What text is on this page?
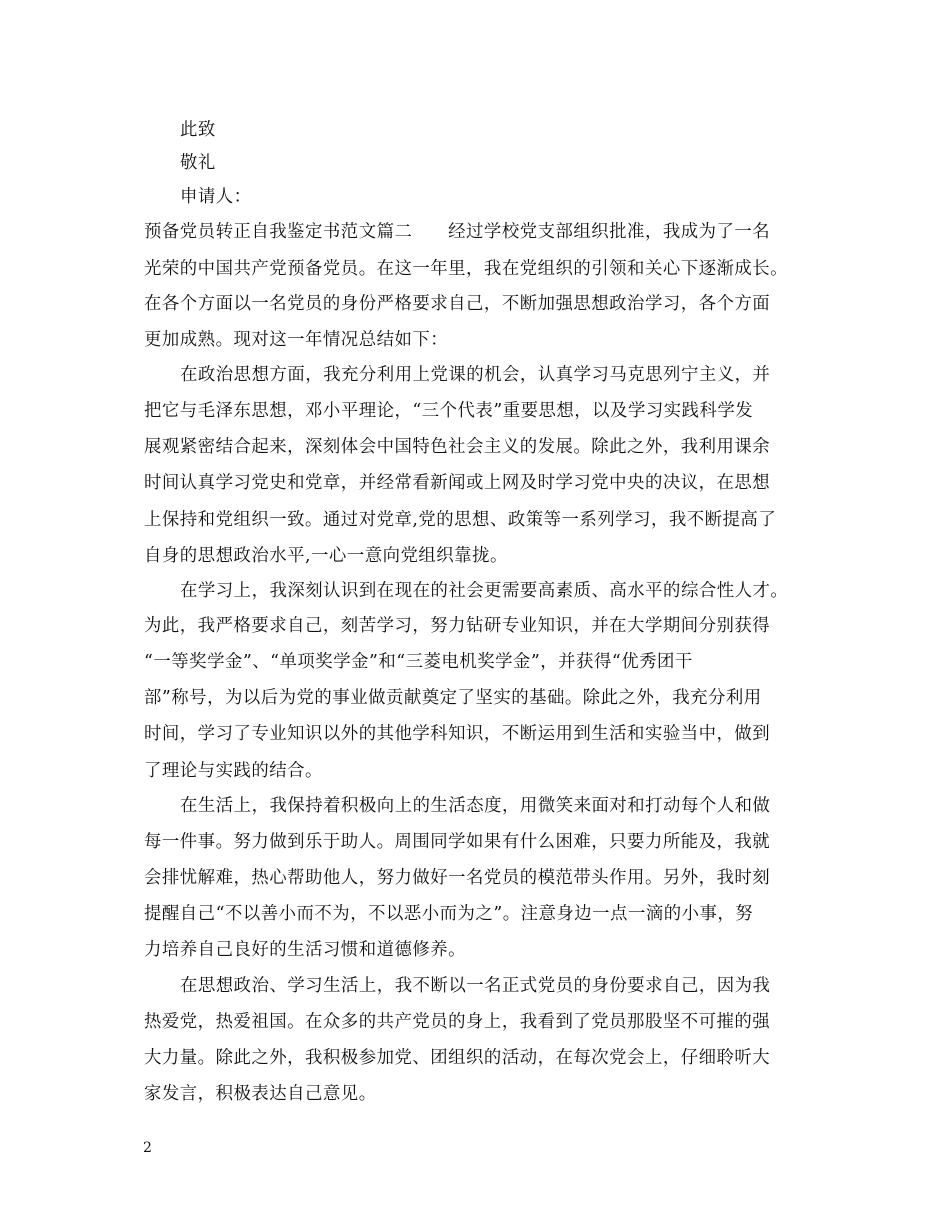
此致
敬礼
申请人：
预备党员转正自我鉴定书范文篇二　　经过学校党支部组织批准，我成为了一名
光荣的中国共产党预备党员。在这一年里，我在党组织的引领和关心下逐渐成长。
在各个方面以一名党员的身份严格要求自己，不断加强思想政治学习，各个方面
更加成熟。现对这一年情况总结如下：
在政治思想方面，我充分利用上党课的机会，认真学习马克思列宁主义，并
把它与毛泽东思想，邓小平理论，“三个代表”重要思想，以及学习实践科学发
展观紧密结合起来，深刻体会中国特色社会主义的发展。除此之外，我利用课余
时间认真学习党史和党章，并经常看新闻或上网及时学习党中央的决议，在思想
上保持和党组织一致。通过对党章,党的思想、政策等一系列学习，我不断提高了
自身的思想政治水平,一心一意向党组织靠拢。
在学习上，我深刻认识到在现在的社会更需要高素质、高水平的综合性人才。
为此，我严格要求自己，刻苦学习，努力钻研专业知识，并在大学期间分别获得
“一等奖学金”、“单项奖学金”和“三菱电机奖学金”，并获得“优秀团干
部”称号，为以后为党的事业做贡献奠定了坚实的基础。除此之外，我充分利用
时间，学习了专业知识以外的其他学科知识，不断运用到生活和实验当中，做到
了理论与实践的结合。
在生活上，我保持着积极向上的生活态度，用微笑来面对和打动每个人和做
每一件事。努力做到乐于助人。周围同学如果有什么困难，只要力所能及，我就
会排忧解难，热心帮助他人，努力做好一名党员的模范带头作用。另外，我时刻
提醒自己“不以善小而不为，不以恶小而为之”。注意身边一点一滴的小事，努
力培养自己良好的生活习惯和道德修养。
在思想政治、学习生活上，我不断以一名正式党员的身份要求自己，因为我
热爱党，热爱祖国。在众多的共产党员的身上，我看到了党员那股坚不可摧的强
大力量。除此之外，我积极参加党、团组织的活动，在每次党会上，仔细聆听大
家发言，积极表达自己意见。
2
